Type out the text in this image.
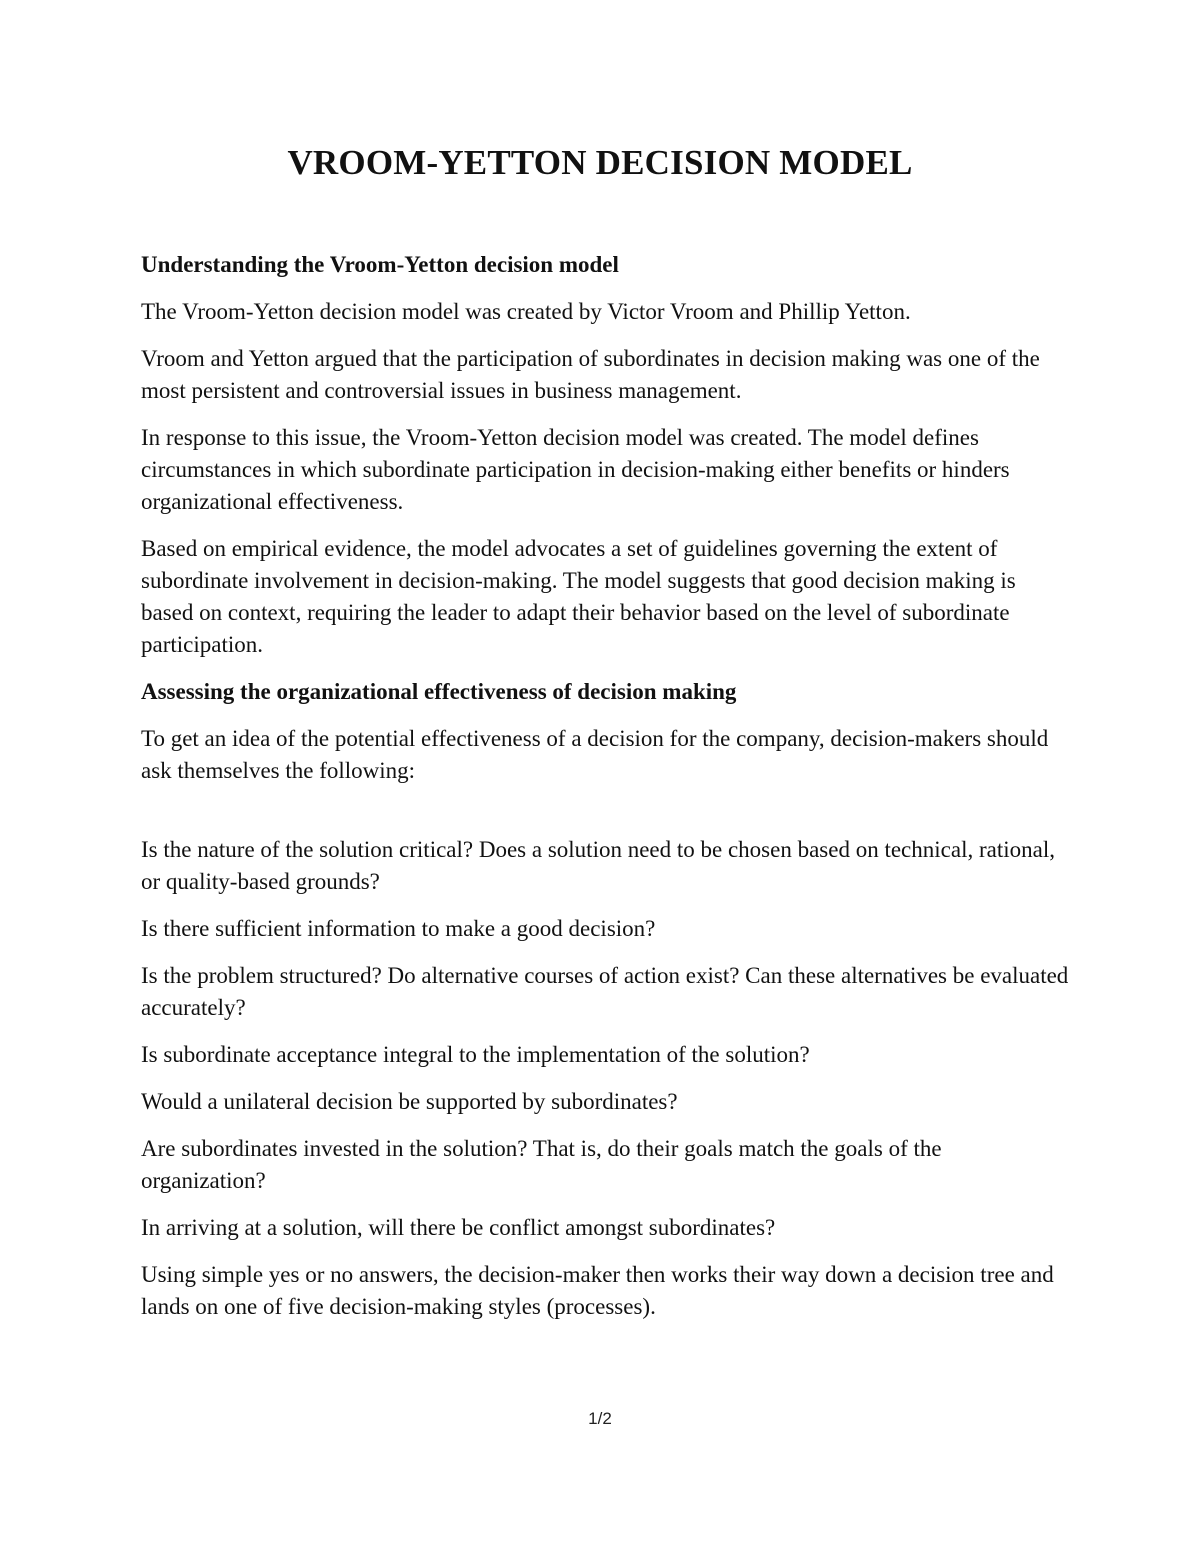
VROOM-YETTON DECISION MODEL

Understanding the Vroom-Yetton decision model

The Vroom-Yetton decision model was created by Victor Vroom and Phillip Yetton.

Vroom and Yetton argued that the participation of subordinates in decision making was one of the most persistent and controversial issues in business management.

In response to this issue, the Vroom-Yetton decision model was created. The model defines circumstances in which subordinate participation in decision-making either benefits or hinders organizational effectiveness.

Based on empirical evidence, the model advocates a set of guidelines governing the extent of subordinate involvement in decision-making. The model suggests that good decision making is based on context, requiring the leader to adapt their behavior based on the level of subordinate participation.

Assessing the organizational effectiveness of decision making

To get an idea of the potential effectiveness of a decision for the company, decision-makers should ask themselves the following:

Is the nature of the solution critical? Does a solution need to be chosen based on technical, rational, or quality-based grounds?

Is there sufficient information to make a good decision?

Is the problem structured? Do alternative courses of action exist? Can these alternatives be evaluated accurately?

Is subordinate acceptance integral to the implementation of the solution?

Would a unilateral decision be supported by subordinates?

Are subordinates invested in the solution? That is, do their goals match the goals of the organization?

In arriving at a solution, will there be conflict amongst subordinates?

Using simple yes or no answers, the decision-maker then works their way down a decision tree and lands on one of five decision-making styles (processes).

1/2
